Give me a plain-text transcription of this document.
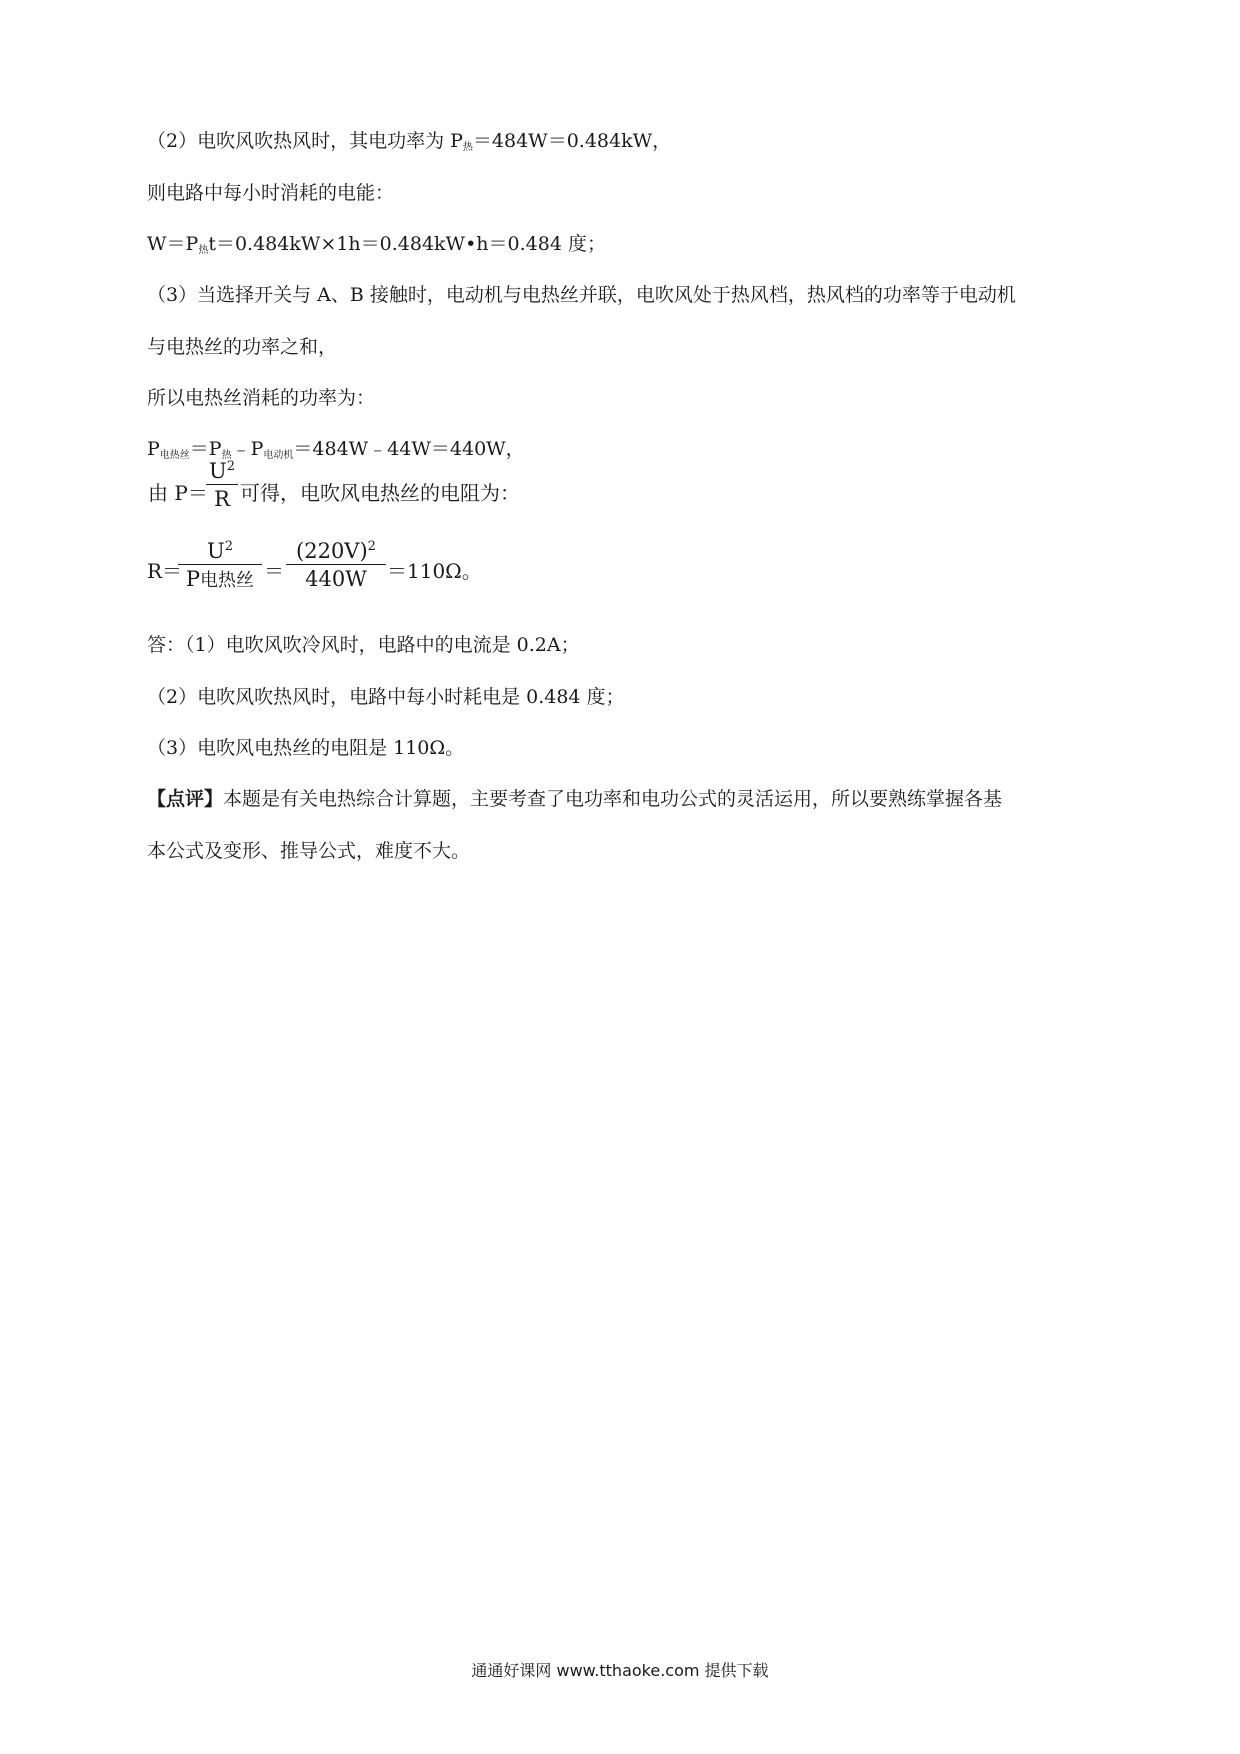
（2）电吹风吹热风时，其电功率为 P热＝484W＝0.484kW，
则电路中每小时消耗的电能：
W＝P热t＝0.484kW×1h＝0.484kW•h＝0.484 度；
（3）当选择开关与 A、B 接触时，电动机与电热丝并联，电吹风处于热风档，热风档的功率等于电动机
与电热丝的功率之和，
所以电热丝消耗的功率为：
P电热丝＝P热﹣P电动机＝484W﹣44W＝440W，
由 P＝
$U^2$
R 可得，电吹风电热丝的电阻为：
R＝
$U^2$
P电热丝 ＝
$(220V)^2$
440W	＝110Ω。
答：（1）电吹风吹冷风时，电路中的电流是 0.2A；
（2）电吹风吹热风时，电路中每小时耗电是 0.484 度；
（3）电吹风电热丝的电阻是 110Ω。
【点评】本题是有关电热综合计算题，主要考查了电功率和电功公式的灵活运用，所以要熟练掌握各基
本公式及变形、推导公式，难度不大。
通通好课网 www.tthaoke.com 提供下载
